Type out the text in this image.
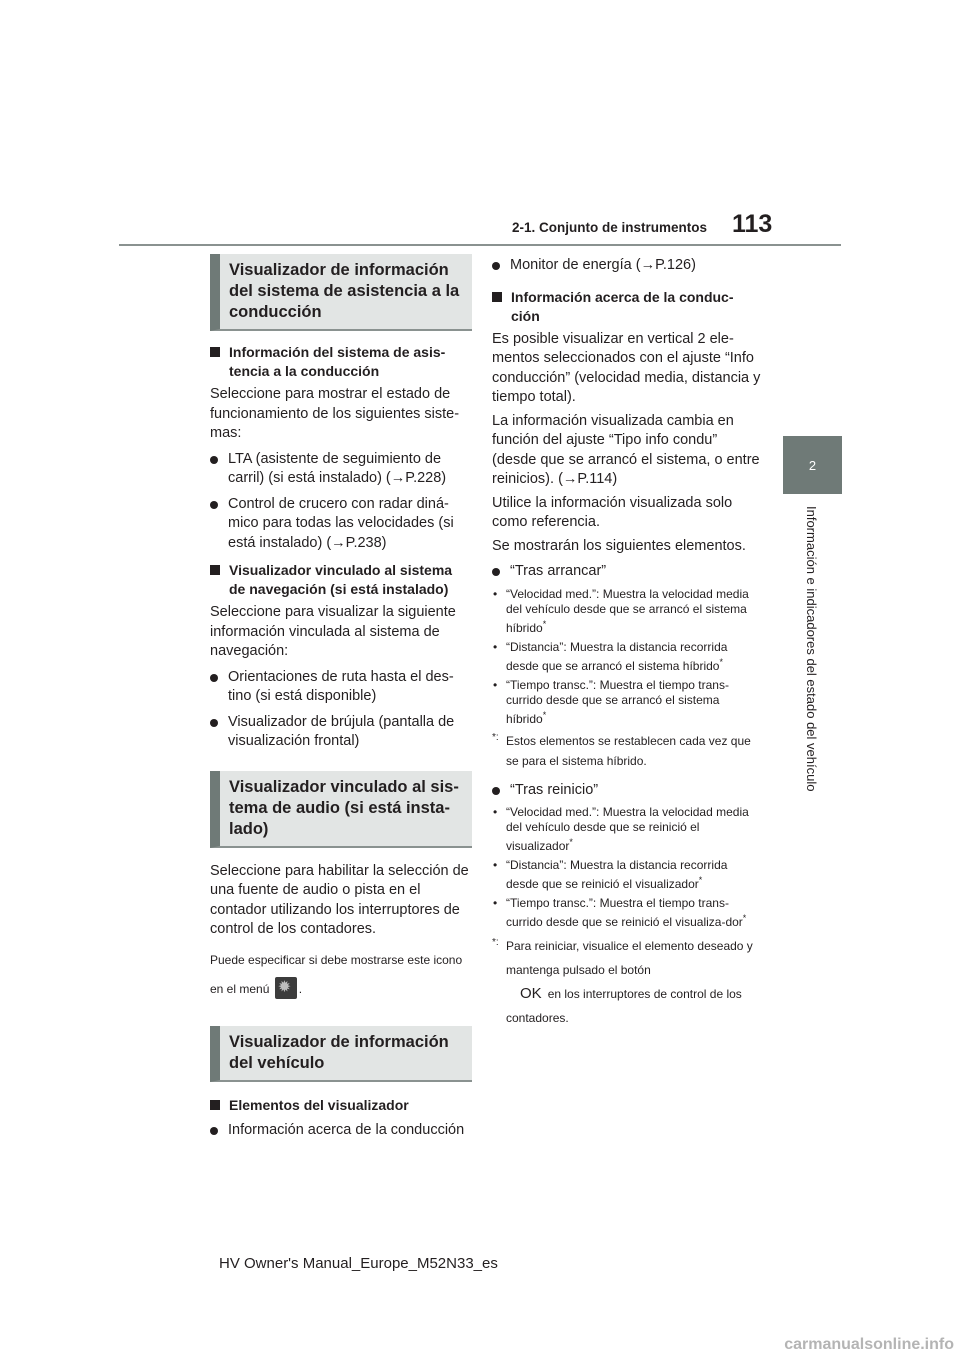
2-1. Conjunto de instrumentos 113
2
Información e indicadores del estado del vehículo
Visualizador de información del sistema de asistencia a la conducción
Información del sistema de asis-tencia a la conducción
Seleccione para mostrar el estado de funcionamiento de los siguientes siste-mas:
LTA (asistente de seguimiento de carril) (si está instalado) (→P.228)
Control de crucero con radar diná-mico para todas las velocidades (si está instalado) (→P.238)
Visualizador vinculado al sistema de navegación (si está instalado)
Seleccione para visualizar la siguiente información vinculada al sistema de navegación:
Orientaciones de ruta hasta el des-tino (si está disponible)
Visualizador de brújula (pantalla de visualización frontal)
Visualizador vinculado al sis-tema de audio (si está insta-lado)
Seleccione para habilitar la selección de una fuente de audio o pista en el contador utilizando los interruptores de control de los contadores.
Puede especificar si debe mostrarse este icono en el menú ✹ .
Visualizador de información del vehículo
Elementos del visualizador
Información acerca de la conducción
Monitor de energía (→P.126)
Información acerca de la conduc-ción
Es posible visualizar en vertical 2 ele-mentos seleccionados con el ajuste “Info conducción” (velocidad media, distancia y tiempo total).
La información visualizada cambia en función del ajuste “Tipo info condu” (desde que se arrancó el sistema, o entre reinicios). (→P.114)
Utilice la información visualizada solo como referencia.
Se mostrarán los siguientes elementos.
“Tras arrancar”
• “Velocidad med.”: Muestra la velocidad media del vehículo desde que se arrancó el sistema híbrido*
• “Distancia”: Muestra la distancia recorrida desde que se arrancó el sistema híbrido*
• “Tiempo transc.”: Muestra el tiempo trans-currido desde que se arrancó el sistema híbrido*
*: Estos elementos se restablecen cada vez que se para el sistema híbrido.
“Tras reinicio”
• “Velocidad med.”: Muestra la velocidad media del vehículo desde que se reinició el visualizador*
• “Distancia”: Muestra la distancia recorrida desde que se reinició el visualizador*
• “Tiempo transc.”: Muestra el tiempo trans-currido desde que se reinició el visualiza-dor*
*: Para reiniciar, visualice el elemento deseado y mantenga pulsado el botón
OK en los interruptores de control de los contadores.
HV Owner's Manual_Europe_M52N33_es
carmanualsonline.info
